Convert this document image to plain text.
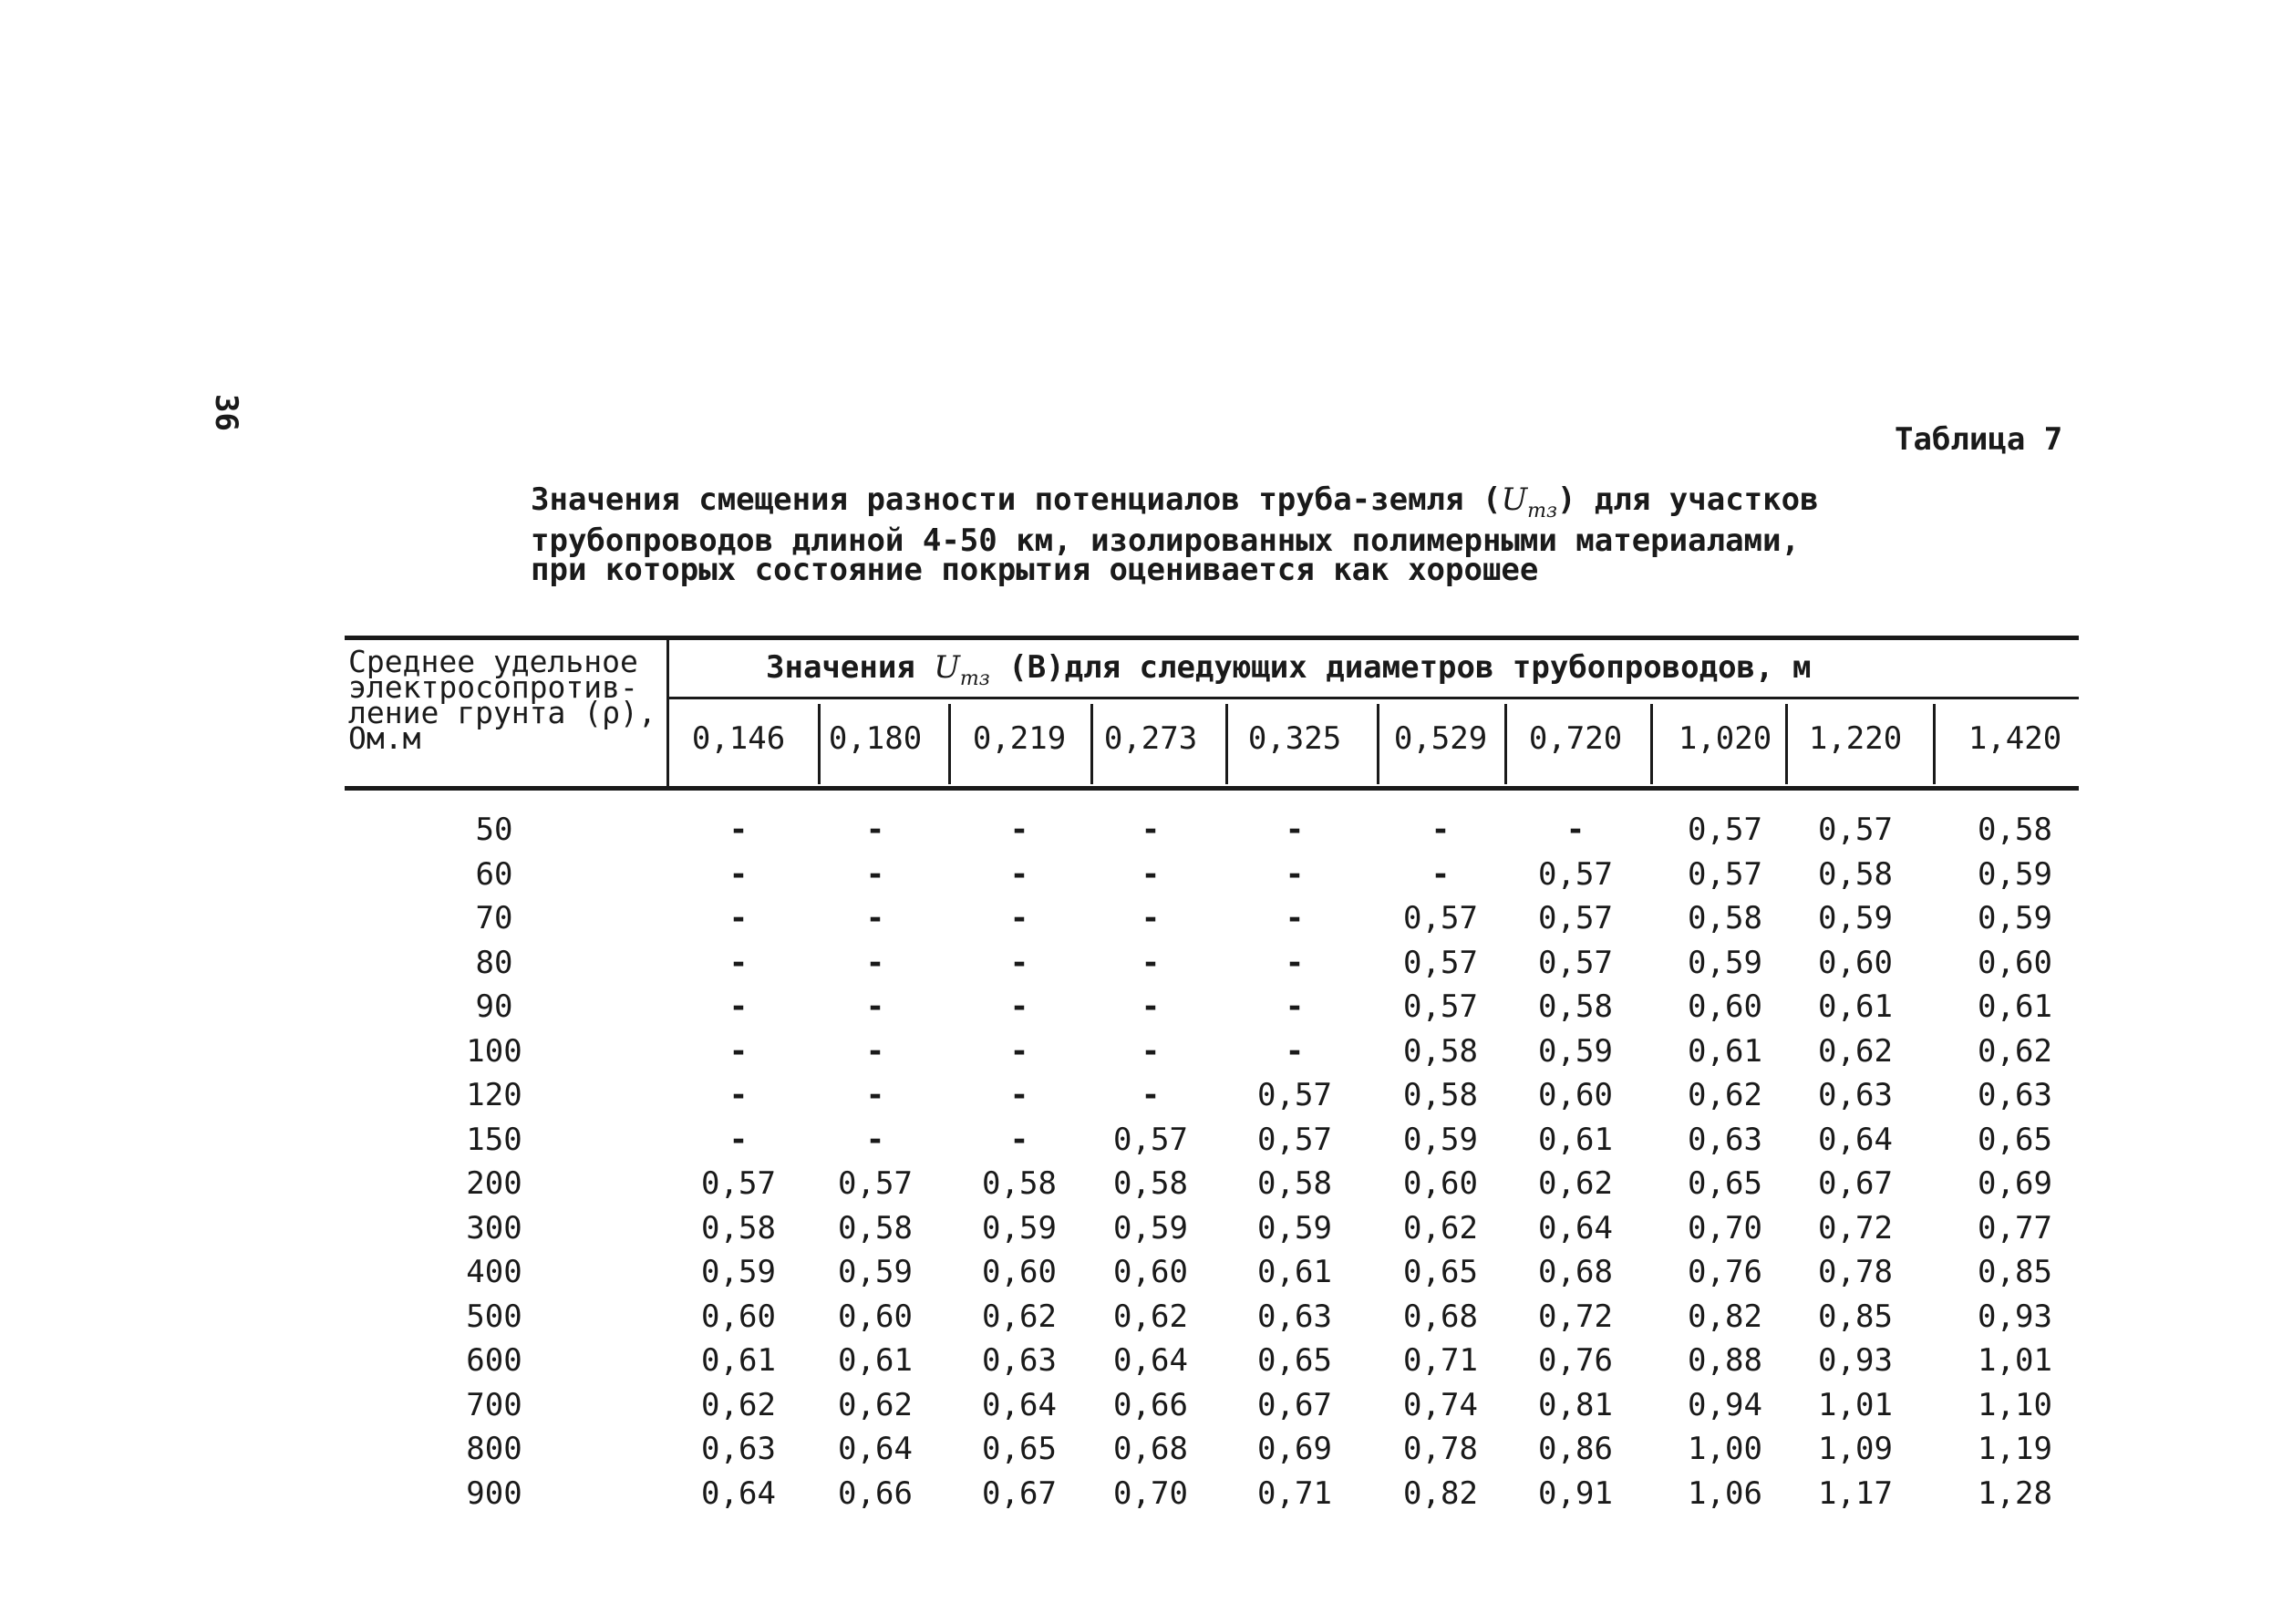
36
Таблица 7
Значения смещения разности потенциалов труба-земля $(U_{тз})$ для участков
трубопроводов длиной 4-50 км, изолированных полимерными материалами,
при которых состояние покрытия оценивается как хорошее
Среднее удельное
электросопротив-
ление грунта (ρ),
Ом.м
Значения $U_{тз}$ (В)для следующих диаметров трубопроводов, м
0,146	0,180	0,219	0,273	0,325	0,529	0,720	1,020	1,220	1,420
50	-	-	-	-	-	-	-	0,57	0,57	0,58
60	-	-	-	-	-	-	0,57	0,57	0,58	0,59
70	-	-	-	-	-	0,57	0,57	0,58	0,59	0,59
80	-	-	-	-	-	0,57	0,57	0,59	0,60	0,60
90	-	-	-	-	-	0,57	0,58	0,60	0,61	0,61
100	-	-	-	-	-	0,58	0,59	0,61	0,62	0,62
120	-	-	-	-	0,57	0,58	0,60	0,62	0,63	0,63
150	-	-	-	0,57	0,57	0,59	0,61	0,63	0,64	0,65
200	0,57	0,57	0,58	0,58	0,58	0,60	0,62	0,65	0,67	0,69
300	0,58	0,58	0,59	0,59	0,59	0,62	0,64	0,70	0,72	0,77
400	0,59	0,59	0,60	0,60	0,61	0,65	0,68	0,76	0,78	0,85
500	0,60	0,60	0,62	0,62	0,63	0,68	0,72	0,82	0,85	0,93
600	0,61	0,61	0,63	0,64	0,65	0,71	0,76	0,88	0,93	1,01
700	0,62	0,62	0,64	0,66	0,67	0,74	0,81	0,94	1,01	1,10
800	0,63	0,64	0,65	0,68	0,69	0,78	0,86	1,00	1,09	1,19
900	0,64	0,66	0,67	0,70	0,71	0,82	0,91	1,06	1,17	1,28
